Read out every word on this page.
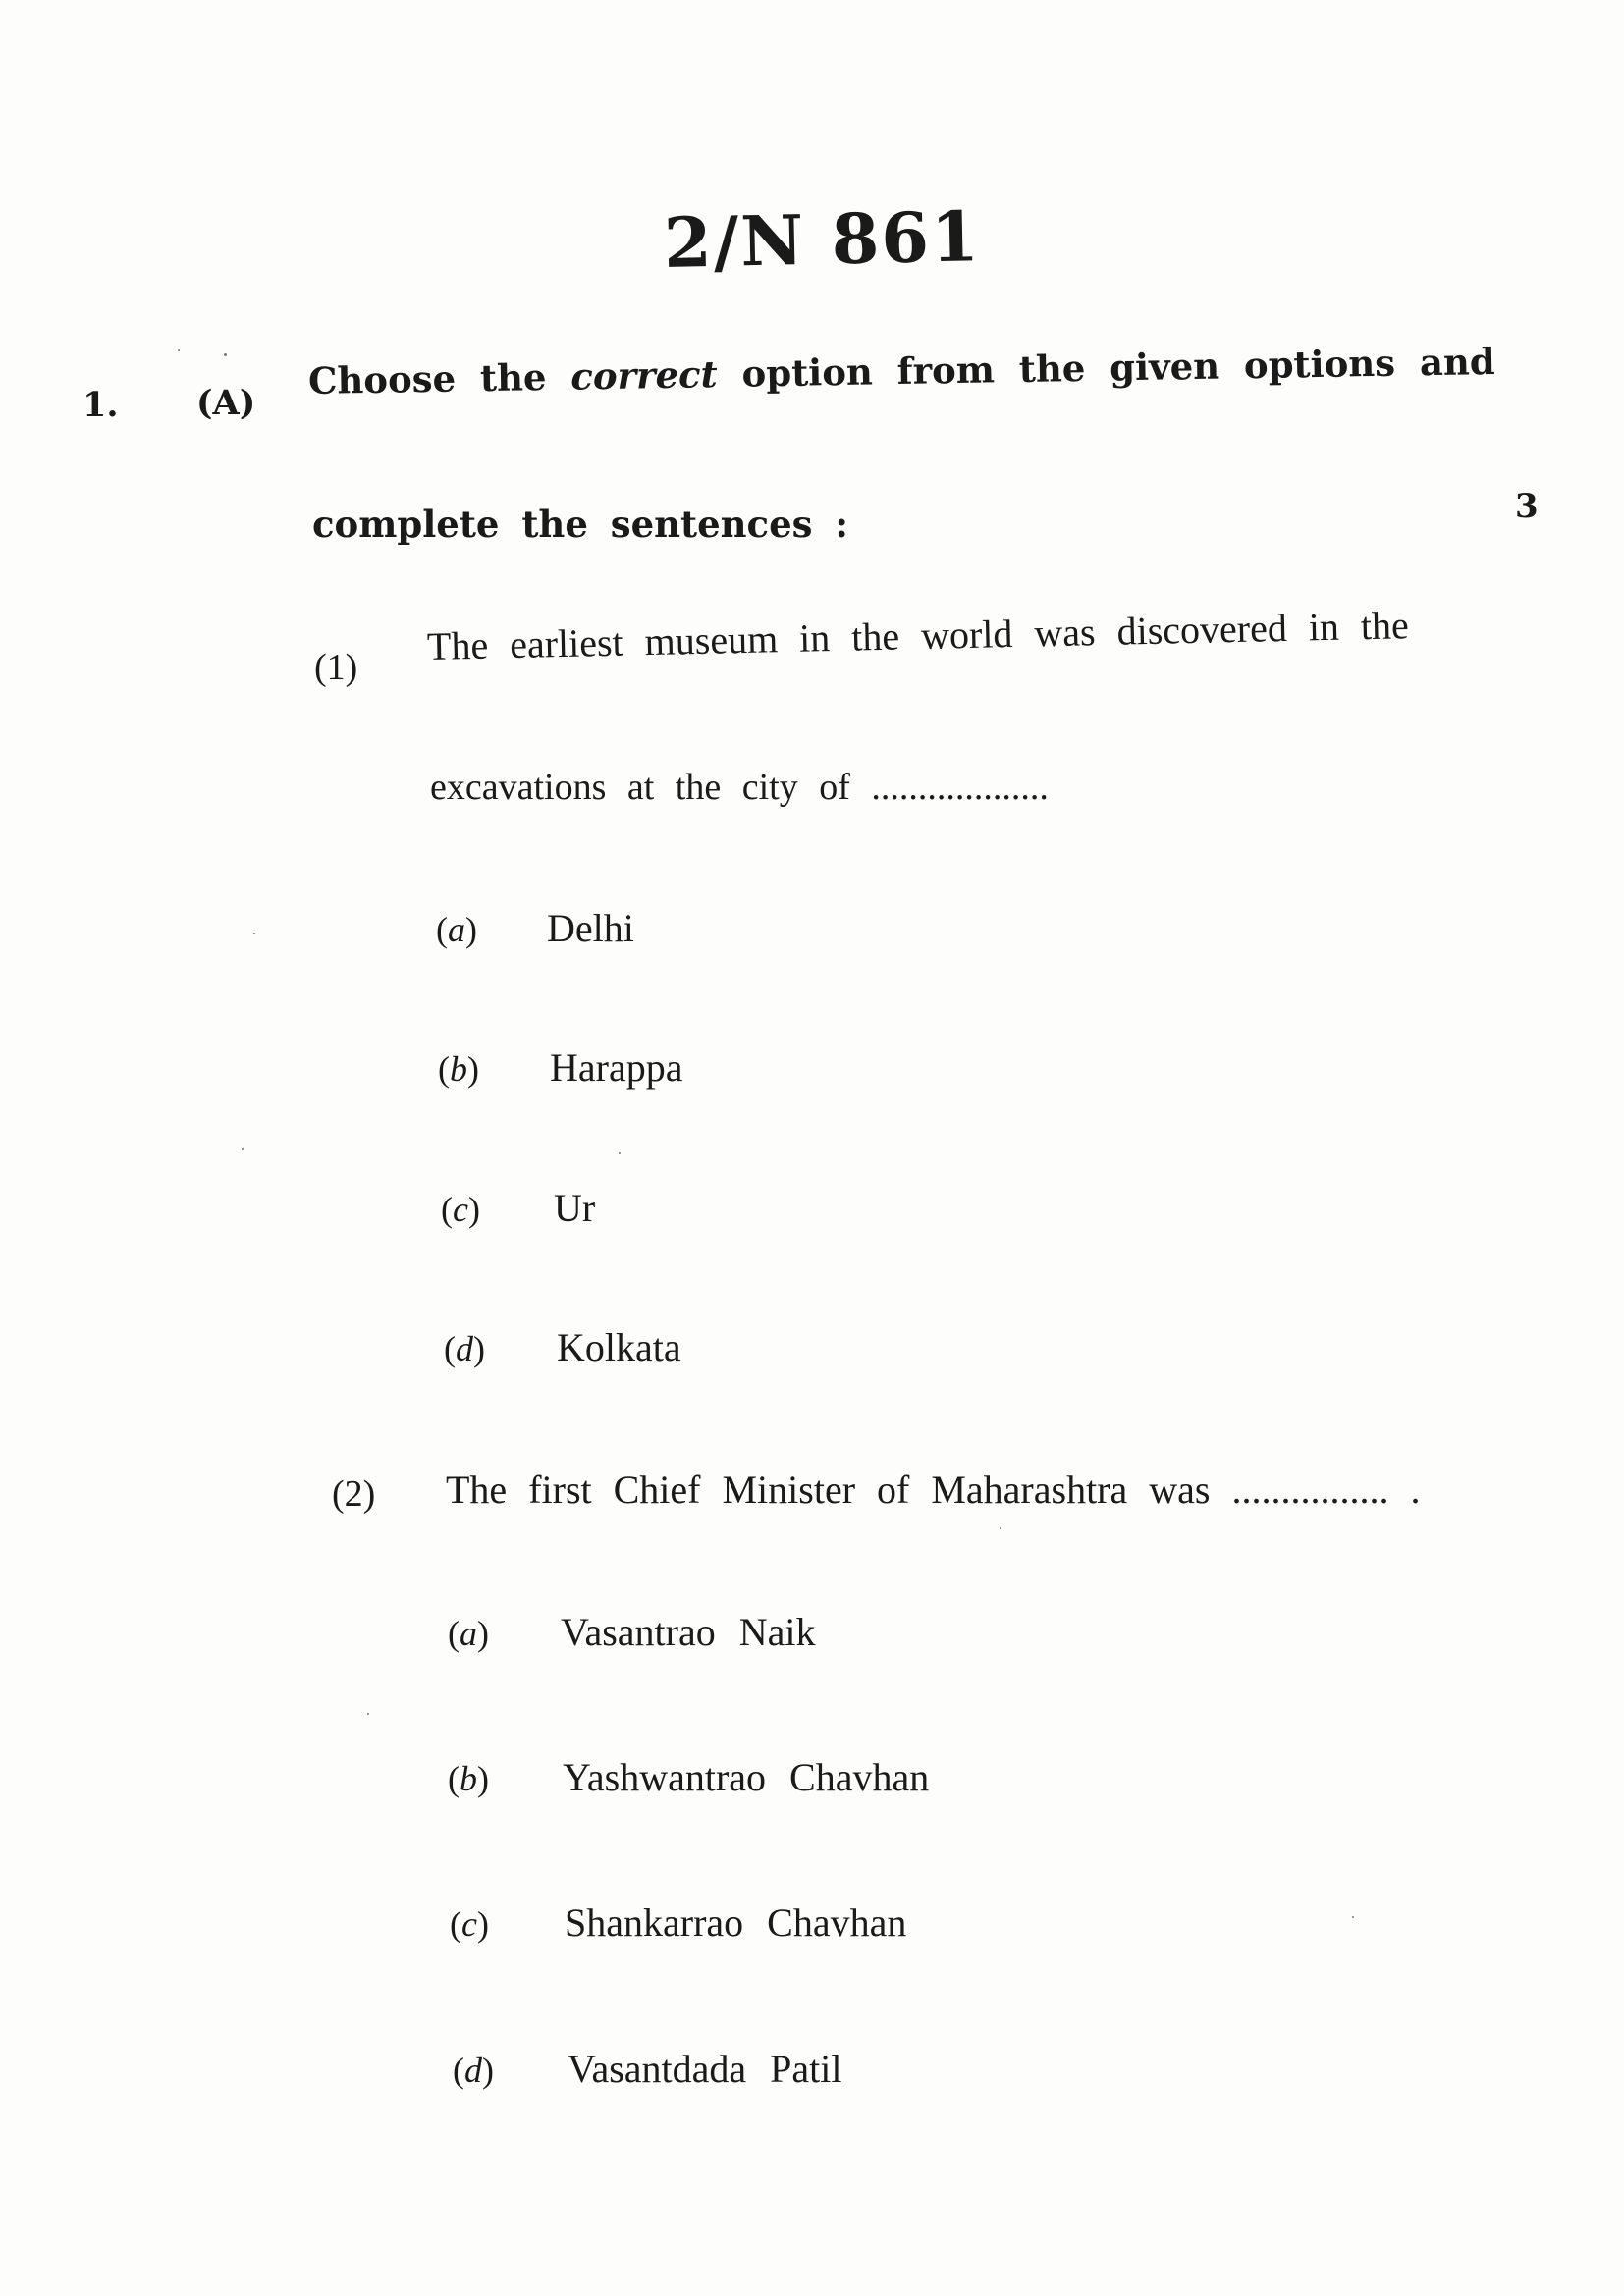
2/N 861
1. (A)
Choose the correct option from the given options and
complete the sentences :	3
(1) The earliest museum in the world was discovered in the
excavations at the city of ...................
(a) Delhi
(b) Harappa
(c) Ur
(d) Kolkata
(2) The first Chief Minister of Maharashtra was ................ .
(a) Vasantrao Naik
(b) Yashwantrao Chavhan
(c) Shankarrao Chavhan
(d) Vasantdada Patil
